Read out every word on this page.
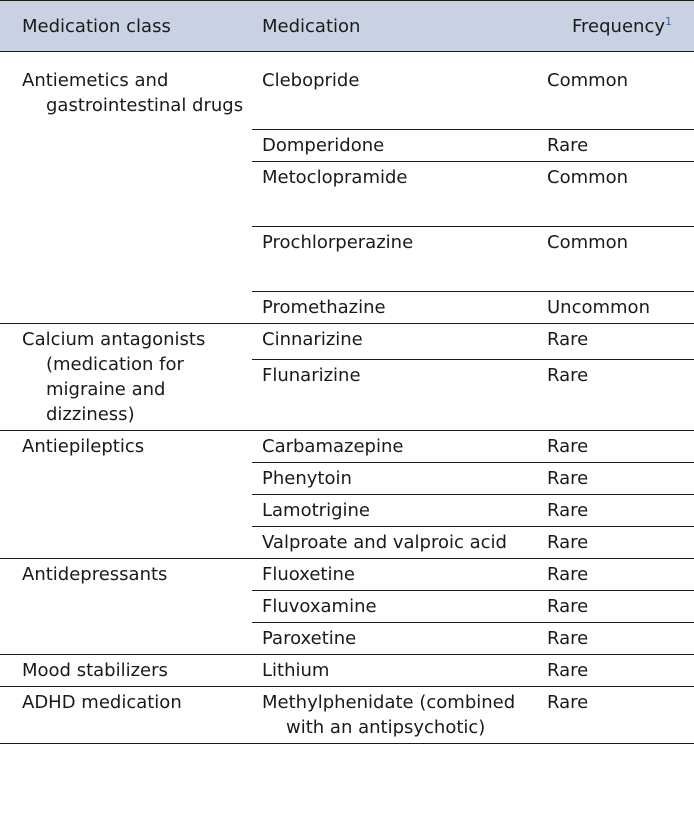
Medication class	Medication	Frequency$^1$

Antiemetics and gastrointestinal drugs	Clebopride	Common
	Domperidone	Rare
	Metoclopramide	Common
	Prochlorperazine	Common
	Promethazine	Uncommon

Calcium antagonists (medication for migraine and dizziness)	Cinnarizine	Rare
	Flunarizine	Rare

Antiepileptics	Carbamazepine	Rare
	Phenytoin	Rare
	Lamotrigine	Rare
	Valproate and valproic acid	Rare

Antidepressants	Fluoxetine	Rare
	Fluvoxamine	Rare
	Paroxetine	Rare

Mood stabilizers	Lithium	Rare

ADHD medication	Methylphenidate (combined with an antipsychotic)	Rare
